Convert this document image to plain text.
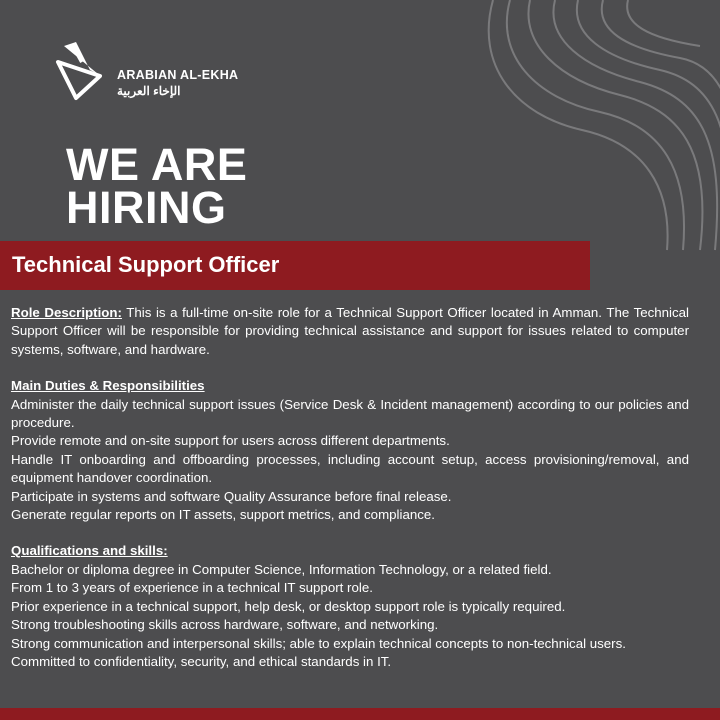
ARABIAN AL-EKHA
الإخاء العربية
WE ARE
HIRING
Technical Support Officer

Role Description: This is a full-time on-site role for a Technical Support Officer located in Amman. The Technical Support Officer will be responsible for providing technical assistance and support for issues related to computer systems, software, and hardware.

Main Duties & Responsibilities

Administer the daily technical support issues (Service Desk & Incident management) according to our policies and procedure.

Provide remote and on-site support for users across different departments.

Handle IT onboarding and offboarding processes, including account setup, access provisioning/removal, and equipment handover coordination.

Participate in systems and software Quality Assurance before final release.

Generate regular reports on IT assets, support metrics, and compliance.

Qualifications and skills:

Bachelor or diploma degree in Computer Science, Information Technology, or a related field.

From 1 to 3 years of experience in a technical IT support role.

Prior experience in a technical support, help desk, or desktop support role is typically required.

Strong troubleshooting skills across hardware, software, and networking.

Strong communication and interpersonal skills; able to explain technical concepts to non-technical users.

Committed to confidentiality, security, and ethical standards in IT.
